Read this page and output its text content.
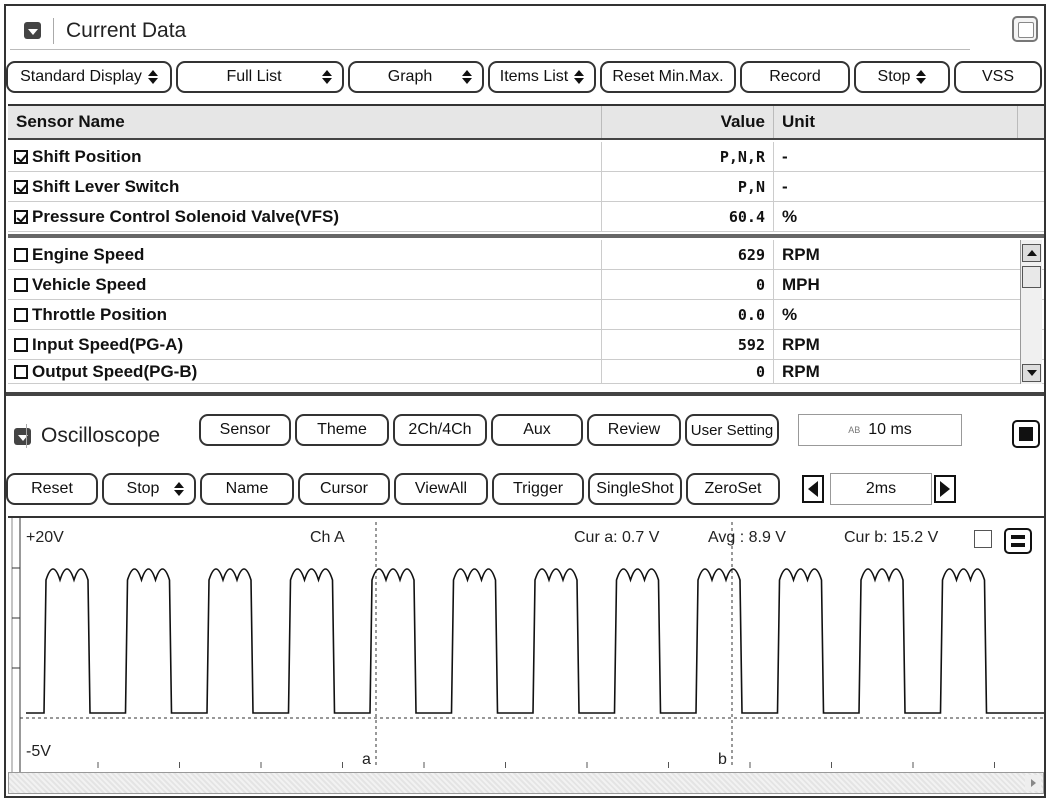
Current Data
Standard Display	Full List	Graph	Items List	Reset Min.Max.	Record	Stop	VSS
Sensor Name	Value	Unit
Shift Position	P,N,R	-
Shift Lever Switch	P,N	-
Pressure Control Solenoid Valve(VFS)	60.4	%
Engine Speed	629	RPM
Vehicle Speed	0	MPH
Throttle Position	0.0	%
Input Speed(PG-A)	592	RPM
Output Speed(PG-B)	0	RPM
Oscilloscope	Sensor	Theme	2Ch/4Ch	Aux	Review User Setting	AB 10 ms
Reset	Stop	Name	Cursor	ViewAll	Trigger SingleShot ZeroSet	2ms
+20V
-5V
Ch A	Cur a: 0.7 V	Avg : 8.9 V	Cur b: 15.2 V
a	b
